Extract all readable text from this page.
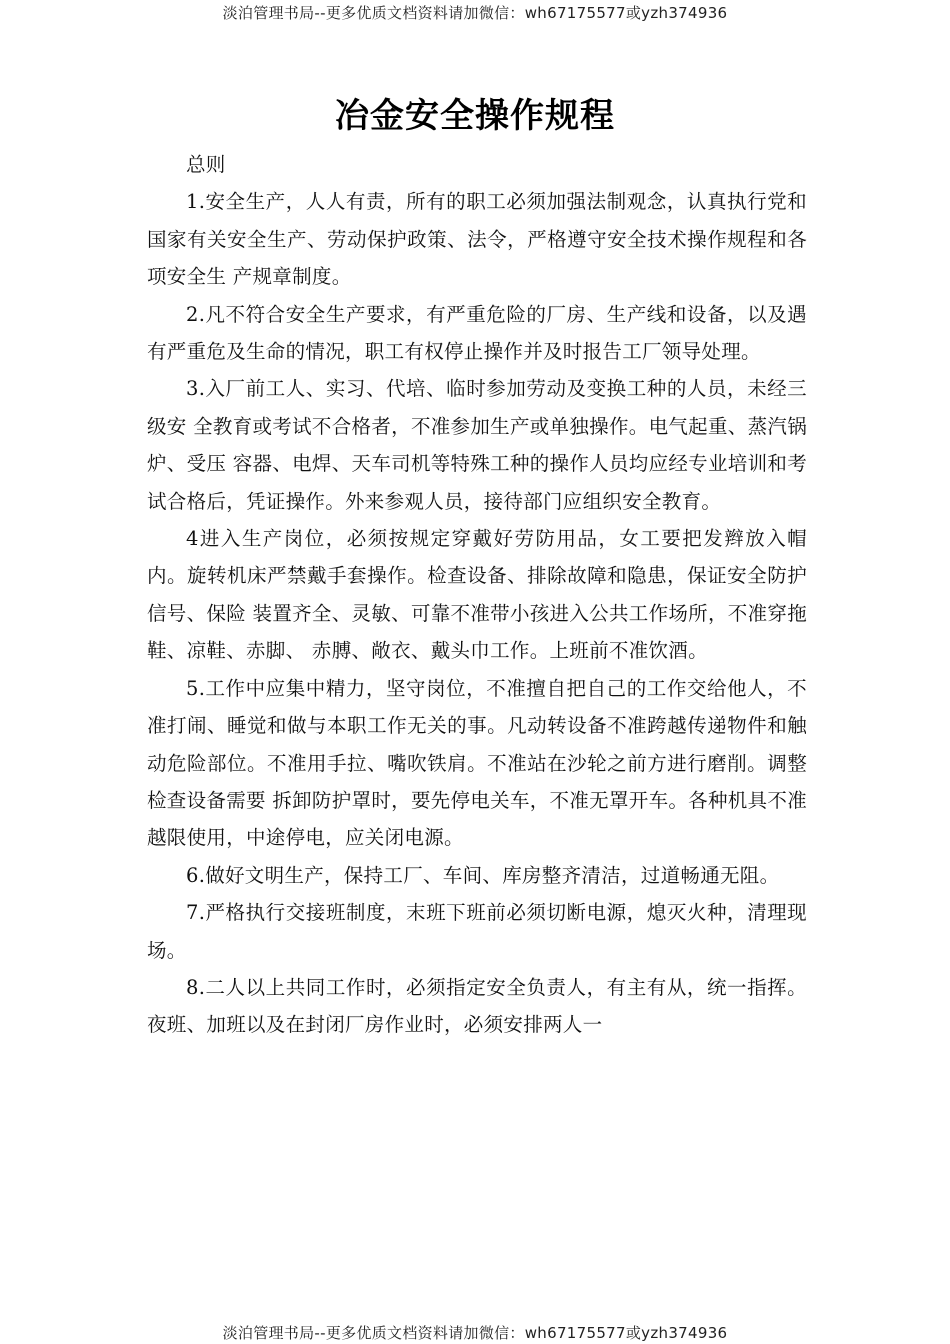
淡泊管理书局--更多优质文档资料请加微信：wh67175577或yzh374936
冶金安全操作规程

总则

1.安全生产，人人有责，所有的职工必须加强法制观念，认真执行党和国家有关安全生产、劳动保护政策、法令，严格遵守安全技术操作规程和各项安全生 产规章制度。

2.凡不符合安全生产要求，有严重危险的厂房、生产线和设备，以及遇有严重危及生命的情况，职工有权停止操作并及时报告工厂领导处理。

3.入厂前工人、实习、代培、临时参加劳动及变换工种的人员，未经三级安 全教育或考试不合格者，不准参加生产或单独操作。电气起重、蒸汽锅炉、受压 容器、电焊、天车司机等特殊工种的操作人员均应经专业培训和考试合格后，凭证操作。外来参观人员，接待部门应组织安全教育。

4进入生产岗位，必须按规定穿戴好劳防用品，女工要把发辫放入帽内。旋转机床严禁戴手套操作。检查设备、排除故障和隐患，保证安全防护信号、保险 装置齐全、灵敏、可靠不准带小孩进入公共工作场所，不准穿拖鞋、凉鞋、赤脚、 赤膊、敞衣、戴头巾工作。上班前不准饮酒。

5.工作中应集中精力，坚守岗位，不准擅自把自己的工作交给他人，不准打闹、睡觉和做与本职工作无关的事。凡动转设备不准跨越传递物件和触动危险部位。不准用手拉、嘴吹铁肩。不准站在沙轮之前方进行磨削。调整检查设备需要 拆卸防护罩时，要先停电关车，不准无罩开车。各种机具不准越限使用，中途停电，应关闭电源。

6.做好文明生产，保持工厂、车间、库房整齐清洁，过道畅通无阻。

7.严格执行交接班制度，末班下班前必须切断电源，熄灭火种，清理现场。

8.二人以上共同工作时，必须指定安全负责人，有主有从，统一指挥。夜班、加班以及在封闭厂房作业时，必须安排两人一

淡泊管理书局--更多优质文档资料请加微信：wh67175577或yzh374936
